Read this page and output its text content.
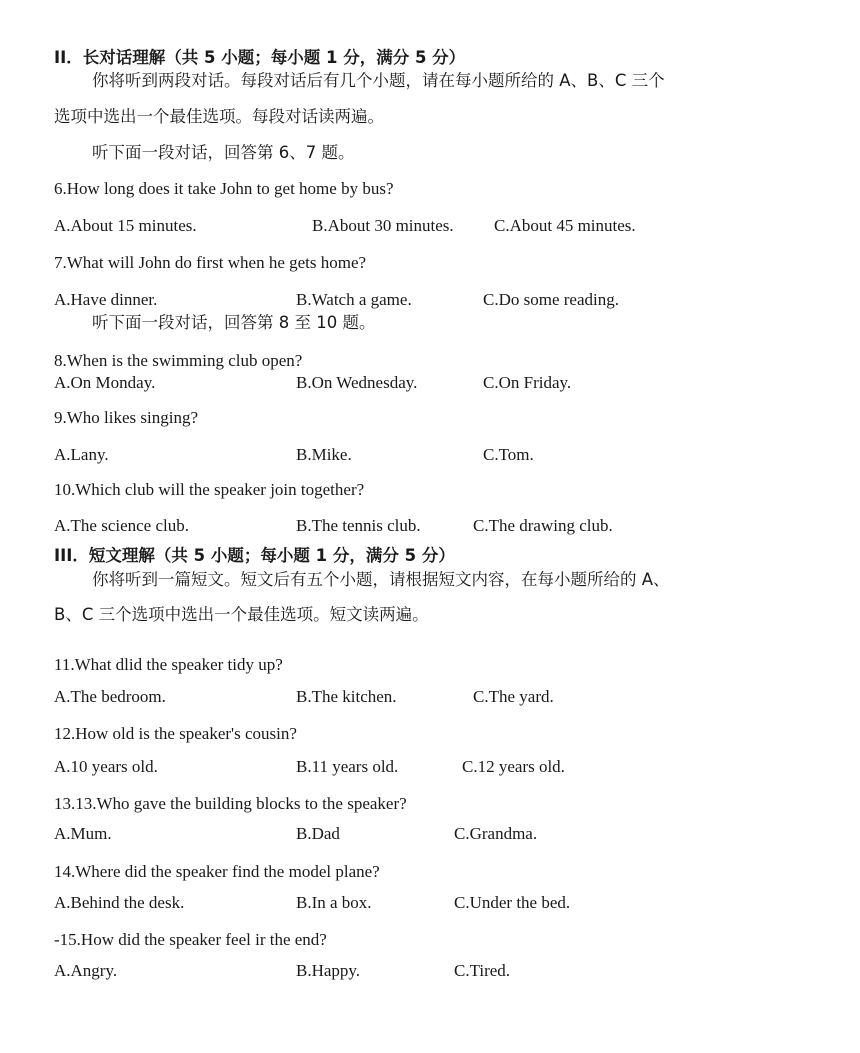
II．长对话理解（共 5 小题；每小题 1 分，满分 5 分）
你将听到两段对话。每段对话后有几个小题，请在每小题所给的 A、B、C 三个
选项中选出一个最佳选项。每段对话读两遍。
听下面一段对话，回答第 6、7 题。
6.How long does it take John to get home by bus?
A.About 15 minutes.	B.About 30 minutes. C.About 45 minutes.
7.What will John do first when he gets home?
A.Have dinner.	B.Watch a game.	C.Do some reading.
听下面一段对话，回答第 8 至 10 题。
8.When is the swimming club open?
A.On Monday.	B.On Wednesday.	C.On Friday.
9.Who likes singing?
A.Lany.	B.Mike.	C.Tom.
10.Which club will the speaker join together?
A.The science club.	B.The tennis club.	C.The drawing club.
III．短文理解（共 5 小题；每小题 1 分，满分 5 分）
你将听到一篇短文。短文后有五个小题，请根据短文内容，在每小题所给的 A、
B、C 三个选项中选出一个最佳选项。短文读两遍。
11.What dlid the speaker tidy up?
A.The bedroom.	B.The kitchen.	C.The yard.
12.How old is the speaker's cousin?
A.10 years old.	B.11 years old.	C.12 years old.
13.13.Who gave the building blocks to the speaker?
A.Mum.	B.Dad	C.Grandma.
14.Where did the speaker find the model plane?
A.Behind the desk.	B.In a box.	C.Under the bed.
-15.How did the speaker feel ir the end?
A.Angry.	B.Happy.	C.Tired.
